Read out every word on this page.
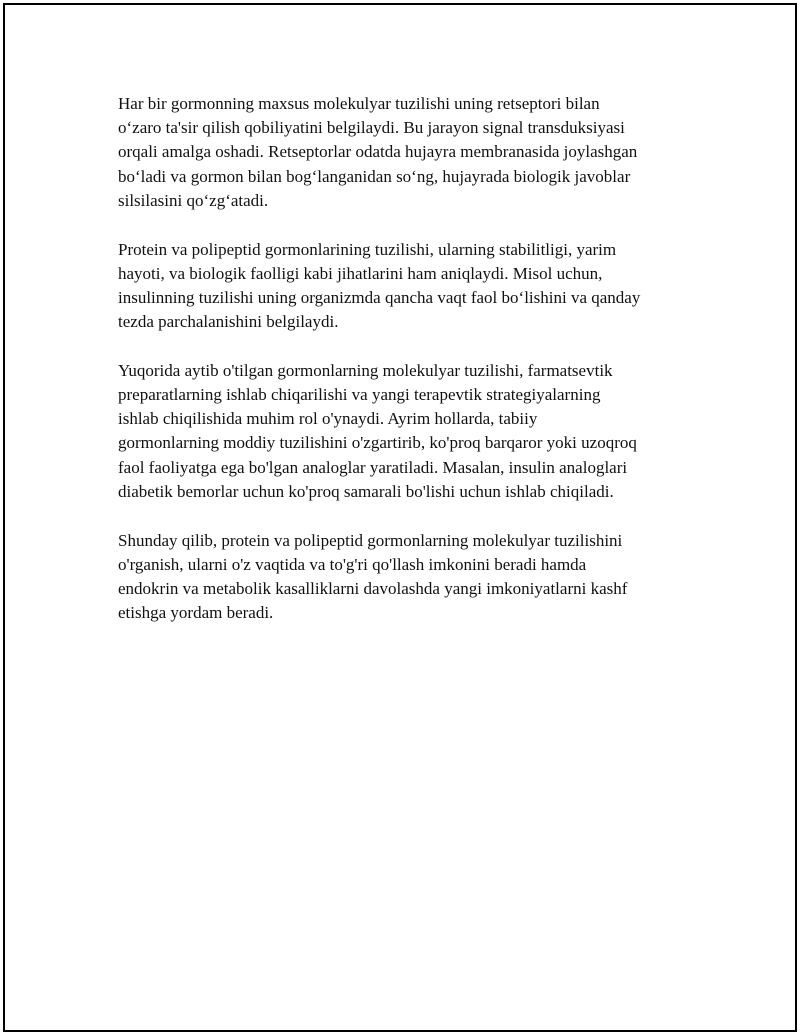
Har bir gormonning maxsus molekulyar tuzilishi uning retseptori bilan
o‘zaro ta'sir qilish qobiliyatini belgilaydi. Bu jarayon signal transduksiyasi
orqali amalga oshadi. Retseptorlar odatda hujayra membranasida joylashgan
bo‘ladi va gormon bilan bog‘langanidan so‘ng, hujayrada biologik javoblar
silsilasini qo‘zg‘atadi.

Protein va polipeptid gormonlarining tuzilishi, ularning stabilitligi, yarim
hayoti, va biologik faolligi kabi jihatlarini ham aniqlaydi. Misol uchun,
insulinning tuzilishi uning organizmda qancha vaqt faol bo‘lishini va qanday
tezda parchalanishini belgilaydi.

Yuqorida aytib o'tilgan gormonlarning molekulyar tuzilishi, farmatsevtik
preparatlarning ishlab chiqarilishi va yangi terapevtik strategiyalarning
ishlab chiqilishida muhim rol o'ynaydi. Ayrim hollarda, tabiiy
gormonlarning moddiy tuzilishini o'zgartirib, ko'proq barqaror yoki uzoqroq
faol faoliyatga ega bo'lgan analoglar yaratiladi. Masalan, insulin analoglari
diabetik bemorlar uchun ko'proq samarali bo'lishi uchun ishlab chiqiladi.

Shunday qilib, protein va polipeptid gormonlarning molekulyar tuzilishini
o'rganish, ularni o'z vaqtida va to'g'ri qo'llash imkonini beradi hamda
endokrin va metabolik kasalliklarni davolashda yangi imkoniyatlarni kashf
etishga yordam beradi.
